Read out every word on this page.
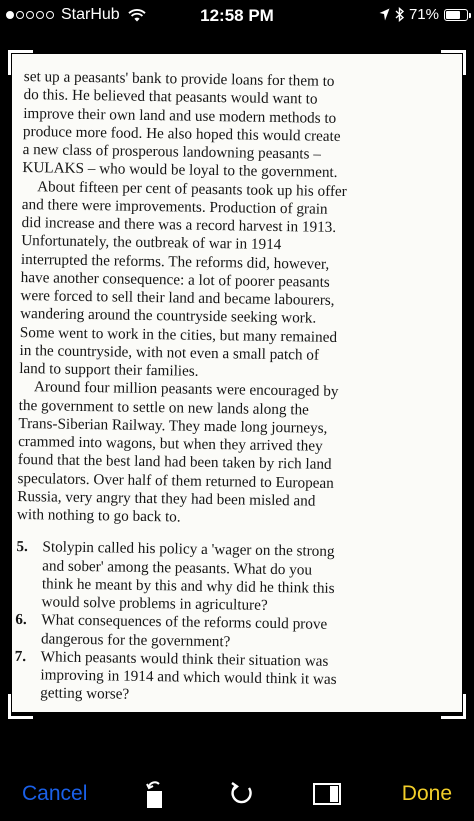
StarHub	12:58 PM	71%
set up a peasants' bank to provide loans for them to
do this. He believed that peasants would want to
improve their own land and use modern methods to
produce more food. He also hoped this would create
a new class of prosperous landowning peasants –
KULAKS – who would be loyal to the government.
About fifteen per cent of peasants took up his offer
and there were improvements. Production of grain
did increase and there was a record harvest in 1913.
Unfortunately, the outbreak of war in 1914
interrupted the reforms. The reforms did, however,
have another consequence: a lot of poorer peasants
were forced to sell their land and became labourers,
wandering around the countryside seeking work.
Some went to work in the cities, but many remained
in the countryside, with not even a small patch of
land to support their families.
Around four million peasants were encouraged by
the government to settle on new lands along the
Trans-Siberian Railway. They made long journeys,
crammed into wagons, but when they arrived they
found that the best land had been taken by rich land
speculators. Over half of them returned to European
Russia, very angry that they had been misled and
with nothing to go back to.
5. Stolypin called his policy a 'wager on the strong
and sober' among the peasants. What do you
think he meant by this and why did he think this
would solve problems in agriculture?
6. What consequences of the reforms could prove
dangerous for the government?
7. Which peasants would think their situation was
improving in 1914 and which would think it was
getting worse?
Cancel	Done
